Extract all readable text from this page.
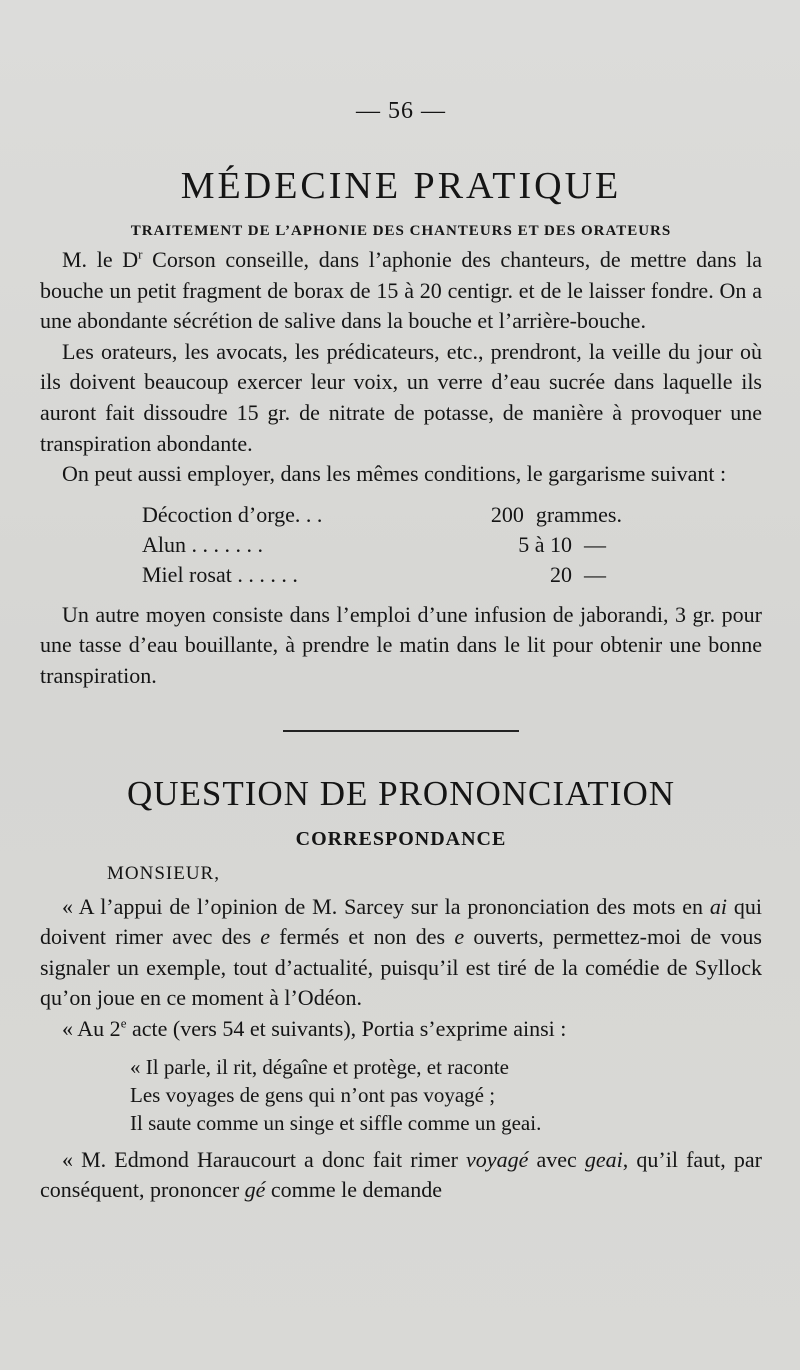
— 56 —
MÉDECINE PRATIQUE
TRAITEMENT DE L’APHONIE DES CHANTEURS ET DES ORATEURS

M. le $D^r$ Corson conseille, dans l’aphonie des chanteurs, de mettre dans la bouche un petit fragment de borax de 15 à 20 centigr. et de le laisser fondre. On a une abondante sécrétion de salive dans la bouche et l’arrière-bouche.

Les orateurs, les avocats, les prédicateurs, etc., prendront, la veille du jour où ils doivent beaucoup exercer leur voix, un verre d’eau sucrée dans laquelle ils auront fait dissoudre 15 gr. de nitrate de potasse, de manière à provoquer une transpiration abondante.

On peut aussi employer, dans les mêmes conditions, le gargarisme suivant :

Décoction d’orge. . .	200 grammes.
Alun . . . . . . .	5 à 10 —
Miel rosat . . . . . .	20 —

Un autre moyen consiste dans l’emploi d’une infusion de jaborandi, 3 gr. pour une tasse d’eau bouillante, à prendre le matin dans le lit pour obtenir une bonne transpiration.

QUESTION DE PRONONCIATION
CORRESPONDANCE
MONSIEUR,

« A l’appui de l’opinion de M. Sarcey sur la prononciation des mots en ai qui doivent rimer avec des e fermés et non des e ouverts, permettez-moi de vous signaler un exemple, tout d’actualité, puisqu’il est tiré de la comédie de Syllock qu’on joue en ce moment à l’Odéon.

« Au 2e acte (vers 54 et suivants), Portia s’exprime ainsi :

« Il parle, il rit, dégaîne et protège, et raconte
Les voyages de gens qui n’ont pas voyagé ;
Il saute comme un singe et siffle comme un geai.

« M. Edmond Haraucourt a donc fait rimer voyagé avec geai, qu’il faut, par conséquent, prononcer gé comme le demande
